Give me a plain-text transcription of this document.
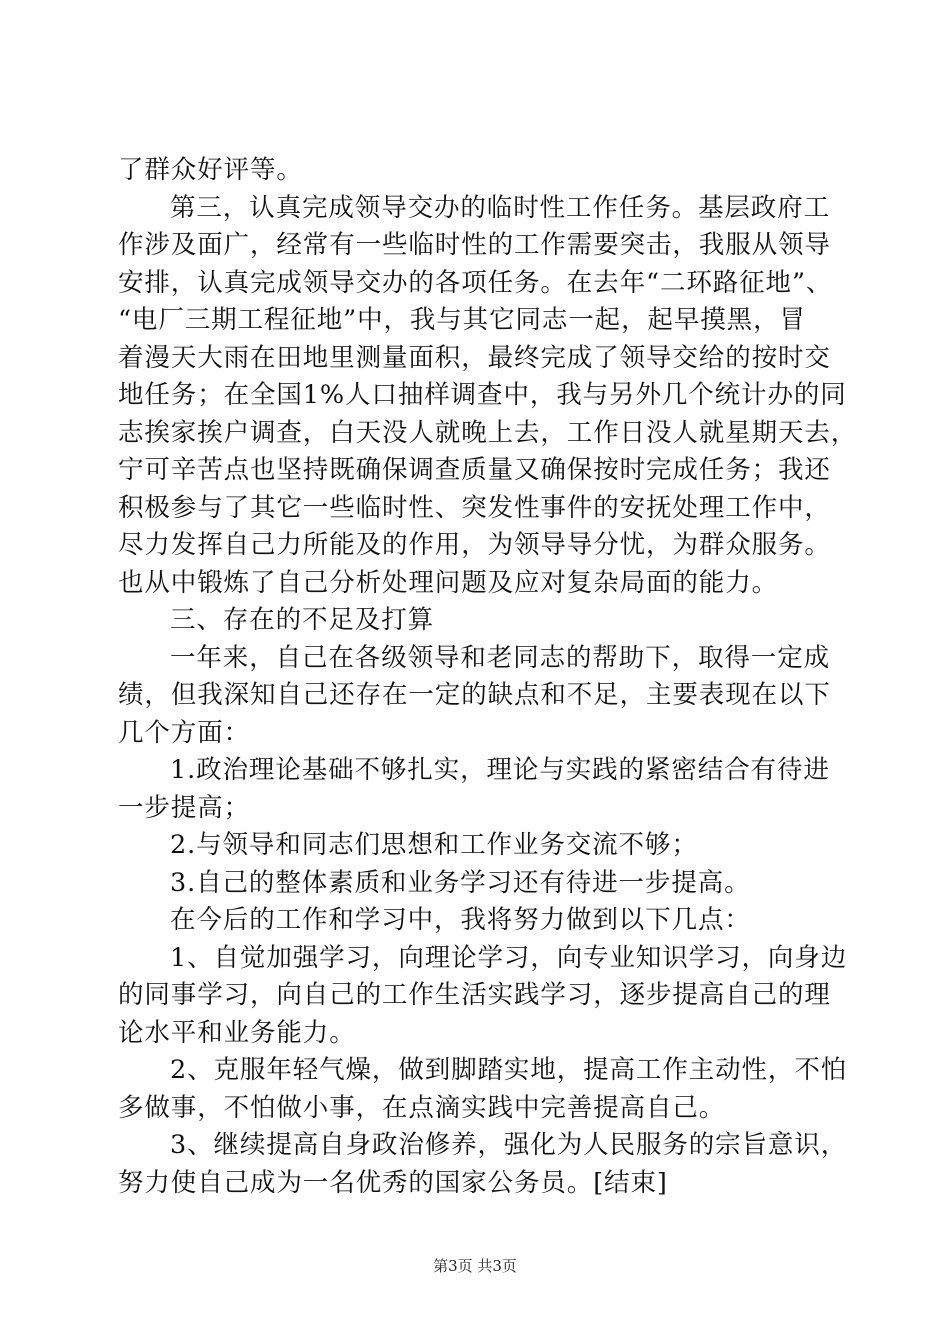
了群众好评等。
第三，认真完成领导交办的临时性工作任务。基层政府工
作涉及面广，经常有一些临时性的工作需要突击，我服从领导
安排，认真完成领导交办的各项任务。在去年“二环路征地”、
“电厂三期工程征地”中，我与其它同志一起，起早摸黑，冒
着漫天大雨在田地里测量面积，最终完成了领导交给的按时交
地任务；在全国1%人口抽样调查中，我与另外几个统计办的同
志挨家挨户调查，白天没人就晚上去，工作日没人就星期天去，
宁可辛苦点也坚持既确保调查质量又确保按时完成任务；我还
积极参与了其它一些临时性、突发性事件的安抚处理工作中，
尽力发挥自己力所能及的作用，为领导导分忧，为群众服务。
也从中锻炼了自己分析处理问题及应对复杂局面的能力。
三、存在的不足及打算
一年来，自己在各级领导和老同志的帮助下，取得一定成
绩，但我深知自己还存在一定的缺点和不足，主要表现在以下
几个方面：
1.政治理论基础不够扎实，理论与实践的紧密结合有待进
一步提高；
2.与领导和同志们思想和工作业务交流不够；
3.自己的整体素质和业务学习还有待进一步提高。
在今后的工作和学习中，我将努力做到以下几点：
1、自觉加强学习，向理论学习，向专业知识学习，向身边
的同事学习，向自己的工作生活实践学习，逐步提高自己的理
论水平和业务能力。
2、克服年轻气燥，做到脚踏实地，提高工作主动性，不怕
多做事，不怕做小事，在点滴实践中完善提高自己。
3、继续提高自身政治修养，强化为人民服务的宗旨意识，
努力使自己成为一名优秀的国家公务员。[结束]
第3页 共3页
